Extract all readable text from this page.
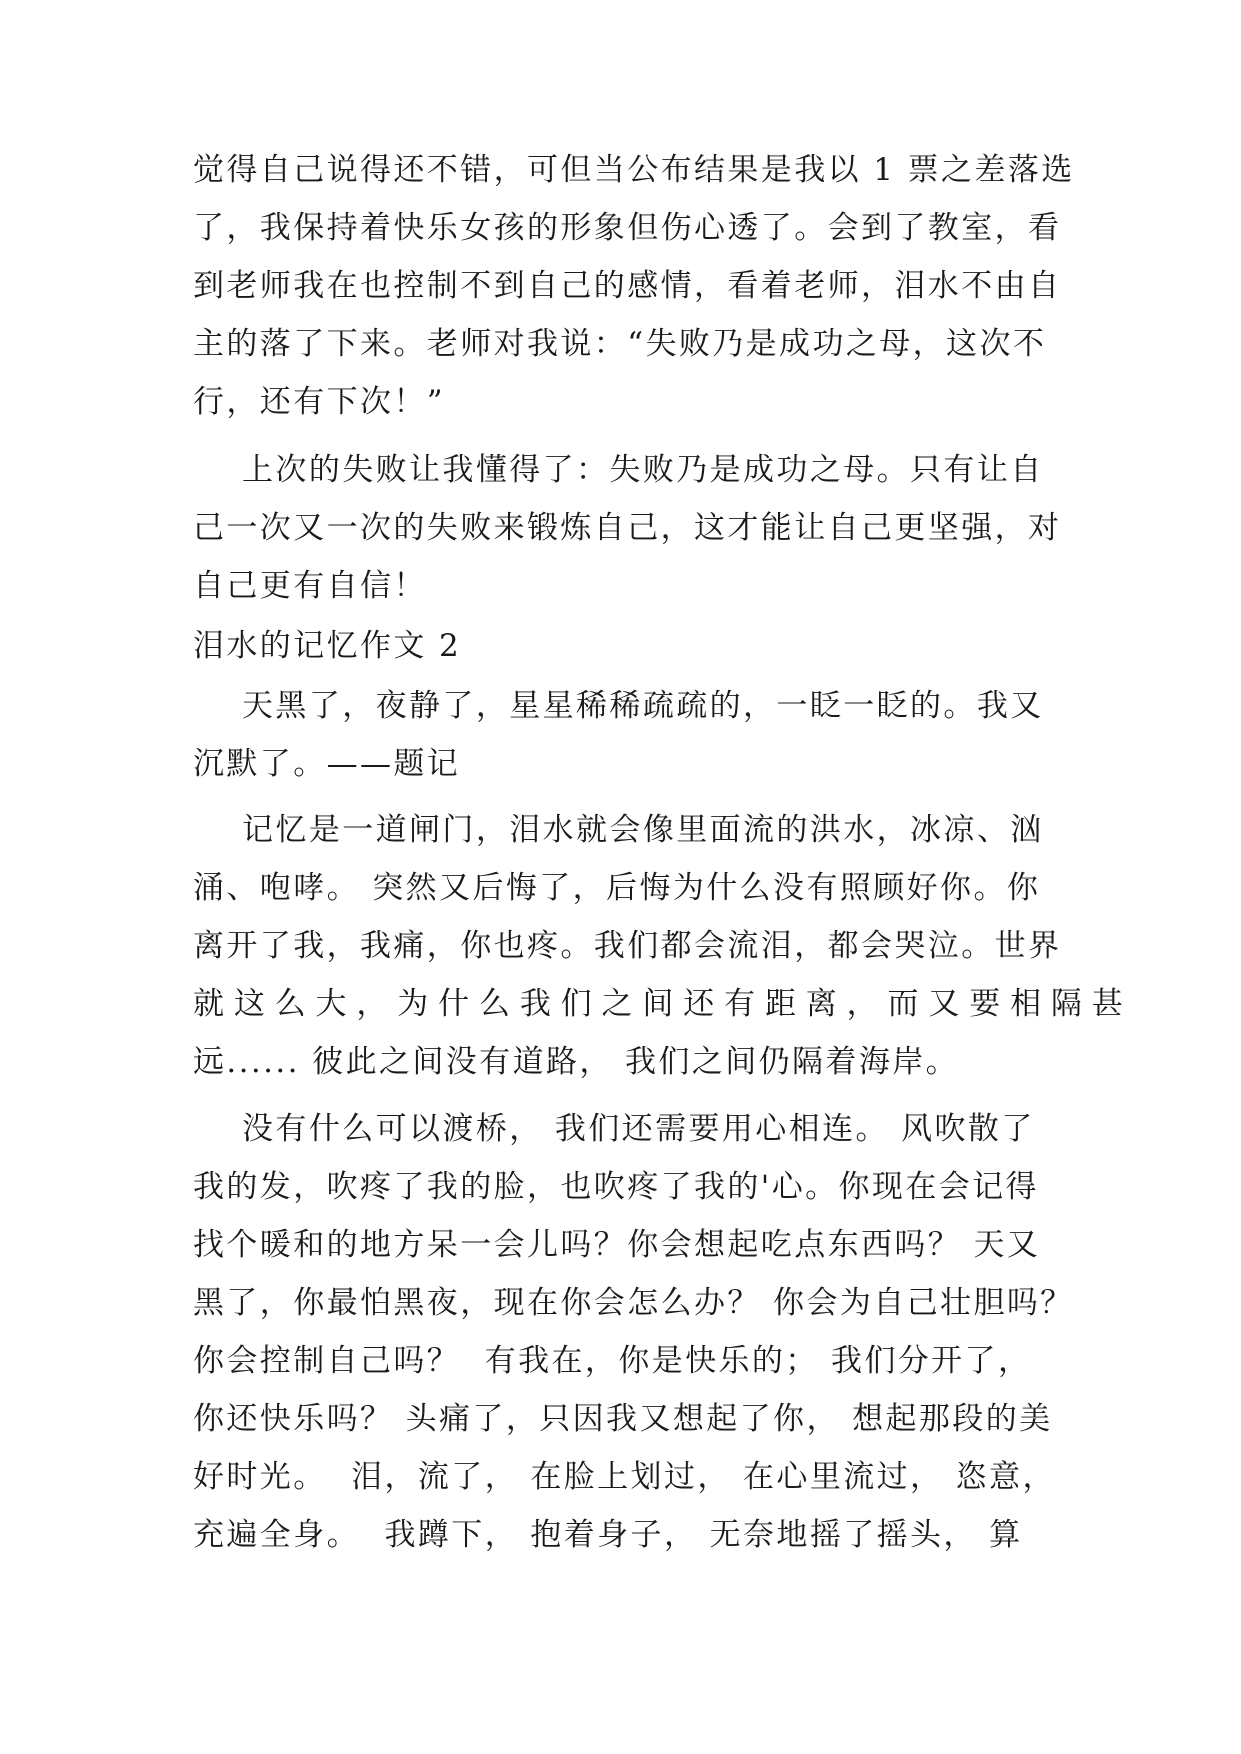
觉得自己说得还不错，可但当公布结果是我以 1 票之差落选
了，我保持着快乐女孩的形象但伤心透了。会到了教室，看
到老师我在也控制不到自己的感情，看着老师，泪水不由自
主的落了下来。老师对我说：“失败乃是成功之母，这次不
行，还有下次！”
上次的失败让我懂得了：失败乃是成功之母。只有让自
己一次又一次的失败来锻炼自己，这才能让自己更坚强，对
自己更有自信！
泪水的记忆作文 2
天黑了，夜静了，星星稀稀疏疏的，一眨一眨的。我又
沉默了。——题记
记忆是一道闸门，泪水就会像里面流的洪水，冰凉、汹
涌、咆哮。 突然又后悔了，后悔为什么没有照顾好你。你
离开了我，我痛，你也疼。我们都会流泪，都会哭泣。世界
就 这 么 大 ， 为 什 么 我 们 之 间 还 有 距 离 ， 而 又 要 相 隔 甚
远...... 彼此之间没有道路， 我们之间仍隔着海岸。
没有什么可以渡桥， 我们还需要用心相连。 风吹散了
我的发，吹疼了我的脸，也吹疼了我的'心。你现在会记得
找个暖和的地方呆一会儿吗？你会想起吃点东西吗？ 天又
黑了，你最怕黑夜，现在你会怎么办？ 你会为自己壮胆吗？
你会控制自己吗？  有我在，你是快乐的； 我们分开了，
你还快乐吗？ 头痛了，只因我又想起了你， 想起那段的美
好时光。  泪，流了， 在脸上划过， 在心里流过， 恣意，
充遍全身。  我蹲下， 抱着身子， 无奈地摇了摇头， 算
